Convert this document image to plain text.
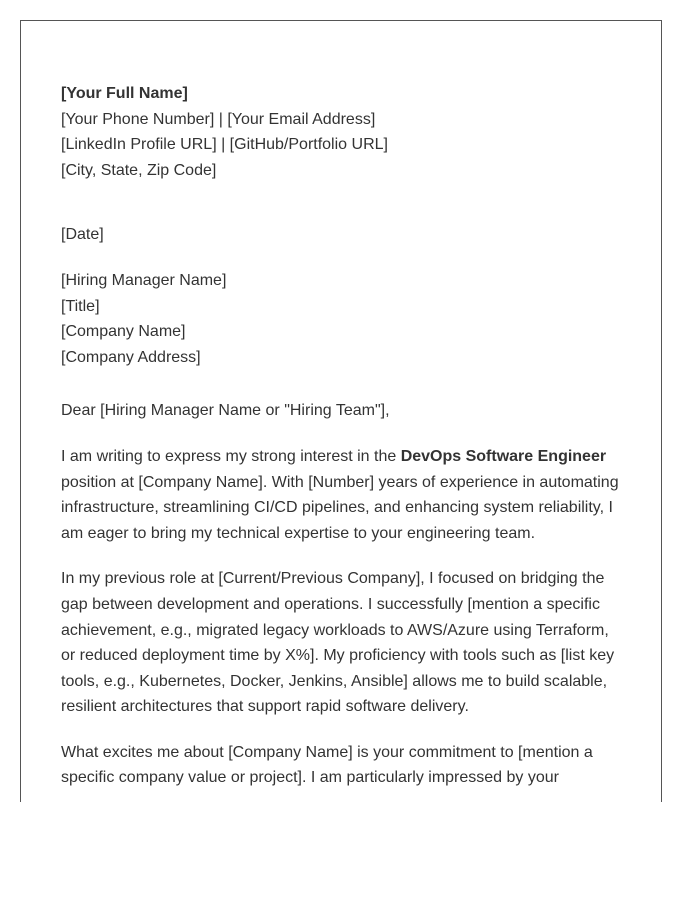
[Your Full Name]
[Your Phone Number] | [Your Email Address]
[LinkedIn Profile URL] | [GitHub/Portfolio URL]
[City, State, Zip Code]
[Date]
[Hiring Manager Name]
[Title]
[Company Name]
[Company Address]

Dear [Hiring Manager Name or "Hiring Team"],

I am writing to express my strong interest in the DevOps Software Engineer position at [Company Name]. With [Number] years of experience in automating infrastructure, streamlining CI/CD pipelines, and enhancing system reliability, I am eager to bring my technical expertise to your engineering team.

In my previous role at [Current/Previous Company], I focused on bridging the gap between development and operations. I successfully [mention a specific achievement, e.g., migrated legacy workloads to AWS/Azure using Terraform, or reduced deployment time by X%]. My proficiency with tools such as [list key tools, e.g., Kubernetes, Docker, Jenkins, Ansible] allows me to build scalable, resilient architectures that support rapid software delivery.

What excites me about [Company Name] is your commitment to [mention a specific company value or project]. I am particularly impressed by your
